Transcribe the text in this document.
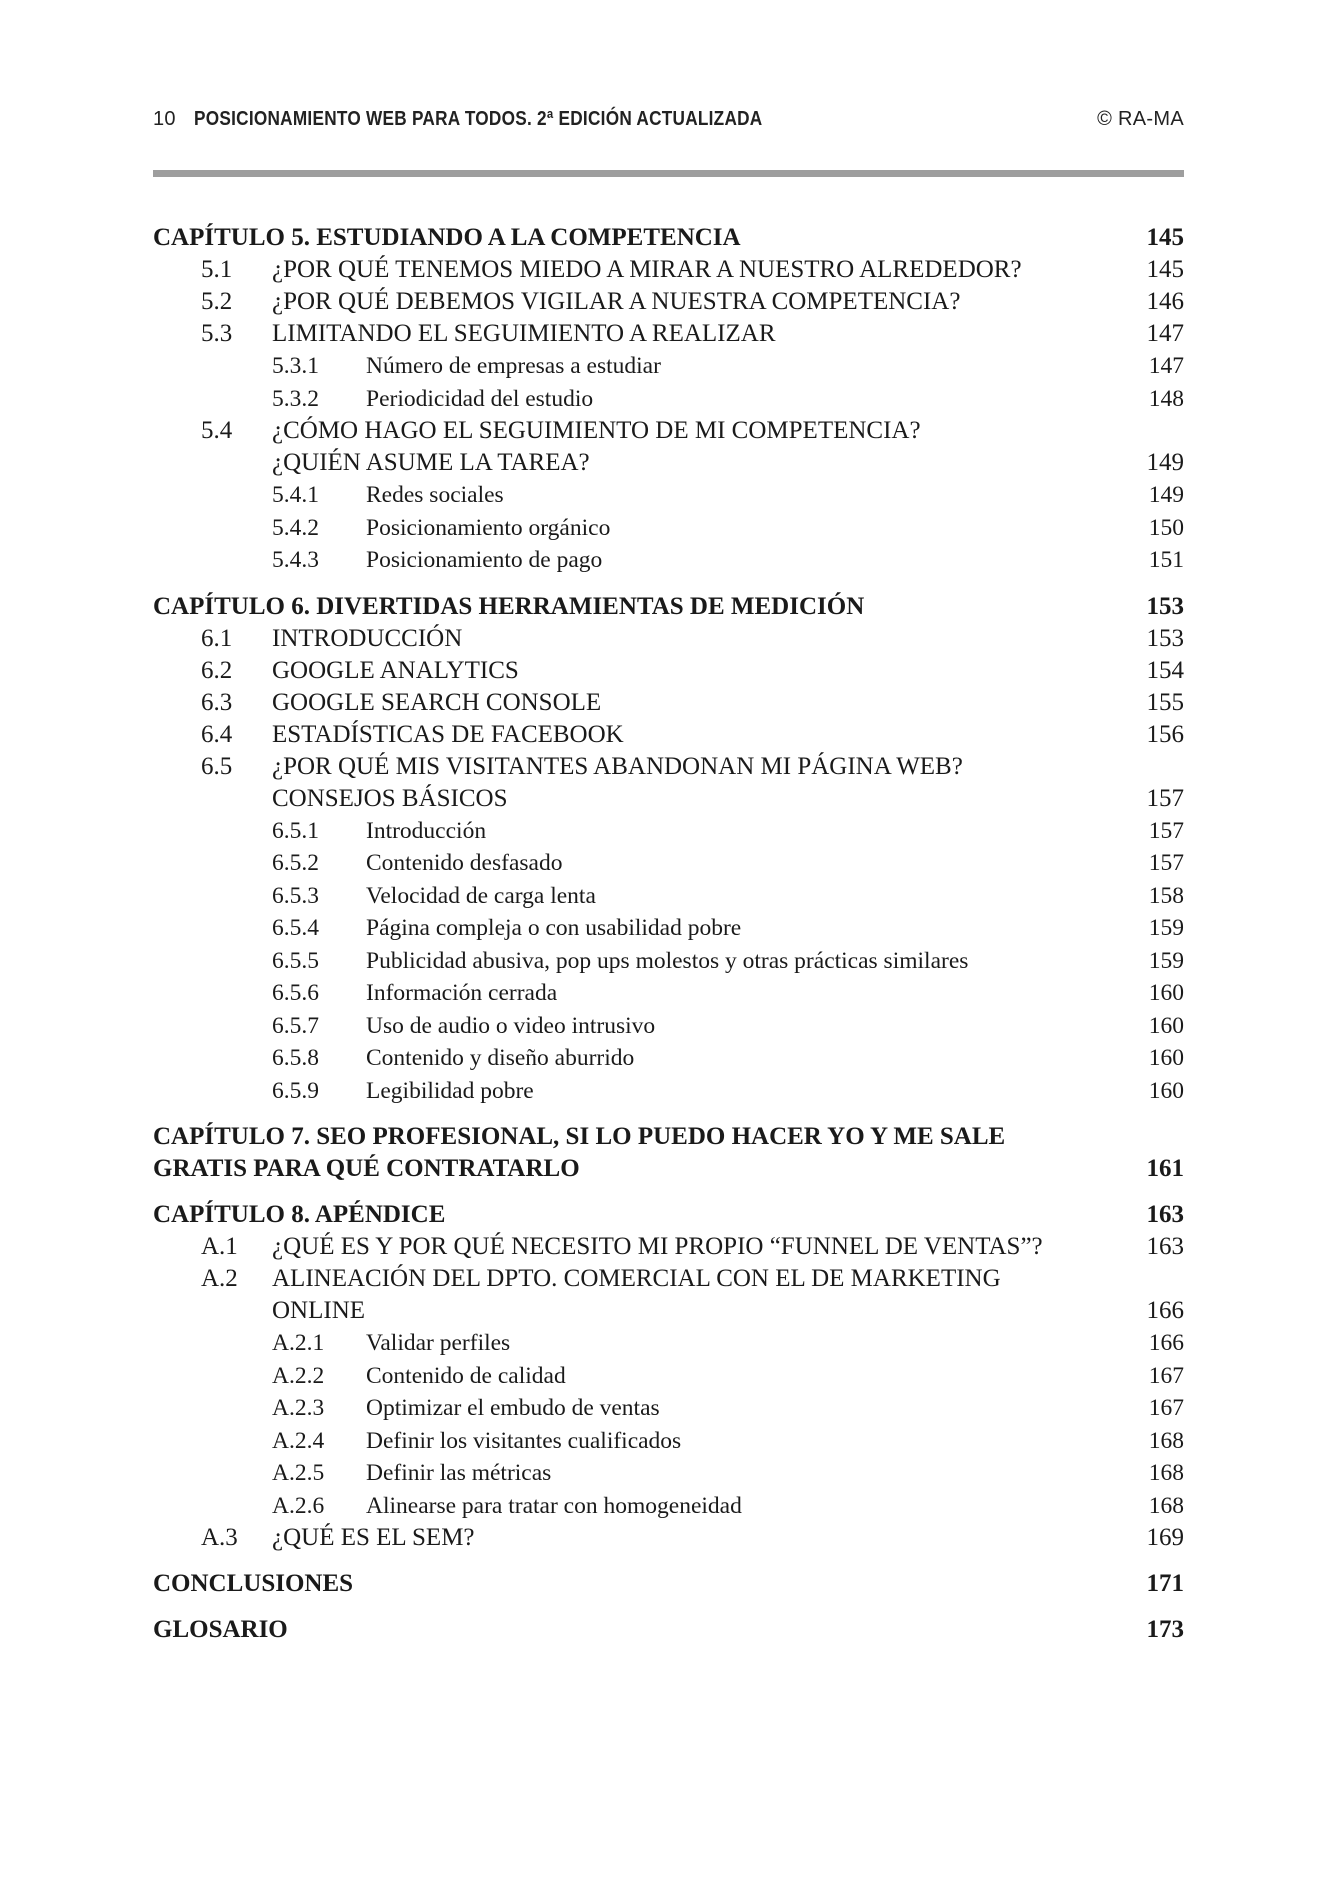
10 POSICIONAMIENTO WEB PARA TODOS. 2ª EDICIÓN ACTUALIZADA	© RA-MA
CAPÍTULO 5. ESTUDIANDO A LA COMPETENCIA	145
5.1 ¿POR QUÉ TENEMOS MIEDO A MIRAR A NUESTRO ALREDEDOR?	145
5.2 ¿POR QUÉ DEBEMOS VIGILAR A NUESTRA COMPETENCIA?	146
5.3 LIMITANDO EL SEGUIMIENTO A REALIZAR	147
5.3.1 Número de empresas a estudiar	147
5.3.2 Periodicidad del estudio	148
5.4 ¿CÓMO HAGO EL SEGUIMIENTO DE MI COMPETENCIA?
¿QUIÉN ASUME LA TAREA?	149
5.4.1 Redes sociales	149
5.4.2 Posicionamiento orgánico	150
5.4.3 Posicionamiento de pago	151
CAPÍTULO 6. DIVERTIDAS HERRAMIENTAS DE MEDICIÓN	153
6.1 INTRODUCCIÓN	153
6.2 GOOGLE ANALYTICS	154
6.3 GOOGLE SEARCH CONSOLE	155
6.4 ESTADÍSTICAS DE FACEBOOK	156
6.5 ¿POR QUÉ MIS VISITANTES ABANDONAN MI PÁGINA WEB?
CONSEJOS BÁSICOS	157
6.5.1 Introducción	157
6.5.2 Contenido desfasado	157
6.5.3 Velocidad de carga lenta	158
6.5.4 Página compleja o con usabilidad pobre	159
6.5.5 Publicidad abusiva, pop ups molestos y otras prácticas similares	159
6.5.6 Información cerrada	160
6.5.7 Uso de audio o video intrusivo	160
6.5.8 Contenido y diseño aburrido	160
6.5.9 Legibilidad pobre	160
CAPÍTULO 7. SEO PROFESIONAL, SI LO PUEDO HACER YO Y ME SALE
GRATIS PARA QUÉ CONTRATARLO	161
CAPÍTULO 8. APÉNDICE	163
A.1 ¿QUÉ ES Y POR QUÉ NECESITO MI PROPIO “FUNNEL DE VENTAS”?	163
A.2 ALINEACIÓN DEL DPTO. COMERCIAL CON EL DE MARKETING
ONLINE	166
A.2.1 Validar perfiles	166
A.2.2 Contenido de calidad	167
A.2.3 Optimizar el embudo de ventas	167
A.2.4 Definir los visitantes cualificados	168
A.2.5 Definir las métricas	168
A.2.6 Alinearse para tratar con homogeneidad	168
A.3 ¿QUÉ ES EL SEM?	169
CONCLUSIONES	171
GLOSARIO	173
